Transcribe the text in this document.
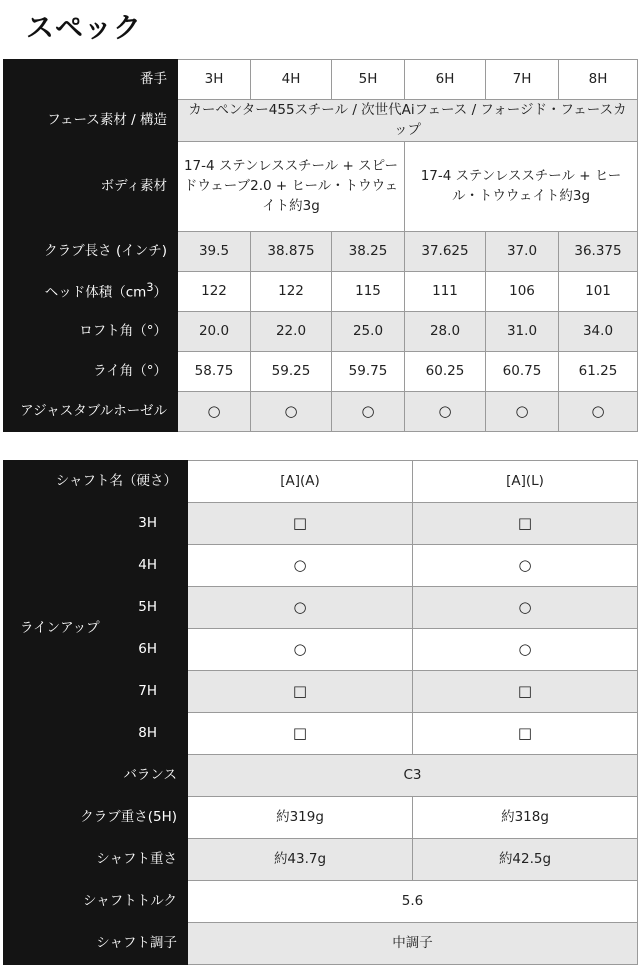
スペック
番手	3H	4H	5H	6H	7H	8H
フェース素材 / 構造	カーペンター455スチール / 次世代Aiフェース / フォージド・フェースカップ					
ボディ素材	17-4 ステンレススチール + スピードウェーブ2.0 + ヒール・トウウェイト約3g			17-4 ステンレススチール + ヒール・トウウェイト約3g		
クラブ長さ (インチ)	39.5	38.875	38.25	37.625	37.0	36.375
ヘッド体積$(cm^3)$	122	122	115	111	106	101
ロフト角（°）	20.0	22.0	25.0	28.0	31.0	34.0
ライ角（°）	58.75	59.25	59.75	60.25	60.75	61.25
アジャスタブルホーゼル	○	○	○	○	○	○
シャフト名（硬さ）		[A](A)	[A](L)
ラインアップ	3H	□	□
	4H	○	○
	5H	○	○
	6H	○	○
	7H	□	□
	8H	□	□
バランス		C3	
クラブ重さ(5H)		約319g	約318g
シャフト重さ		約43.7g	約42.5g
シャフトトルク		5.6	
シャフト調子		中調子	
